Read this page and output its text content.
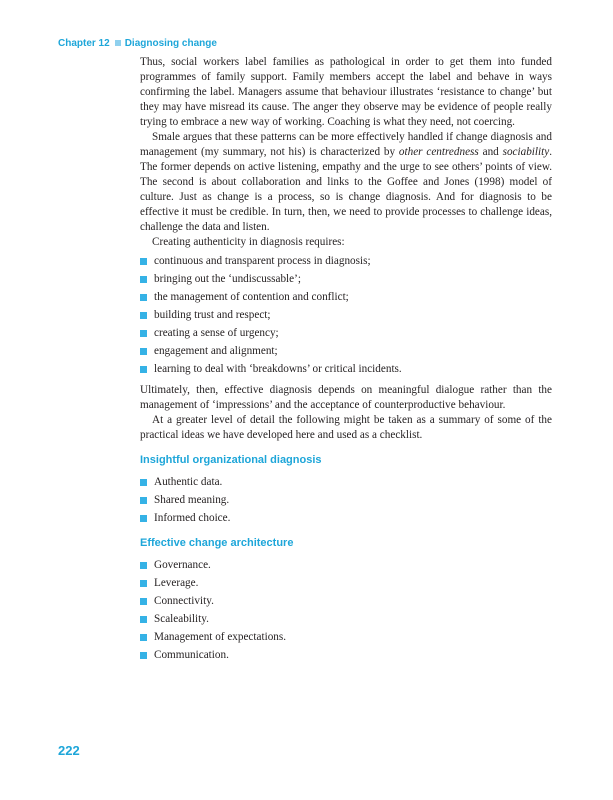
Chapter 12 Diagnosing change

Thus, social workers label families as pathological in order to get them into funded programmes of family support. Family members accept the label and behave in ways confirming the label. Managers assume that behaviour illustrates ‘resistance to change’ but they may have misread its cause. The anger they observe may be evidence of people really trying to embrace a new way of working. Coaching is what they need, not coercing.

Smale argues that these patterns can be more effectively handled if change diagnosis and management (my summary, not his) is characterized by other centredness and sociability. The former depends on active listening, empathy and the urge to see others’ points of view. The second is about collaboration and links to the Goffee and Jones (1998) model of culture. Just as change is a process, so is change diagnosis. And for diagnosis to be effective it must be credible. In turn, then, we need to provide processes to challenge ideas, challenge the data and listen.

Creating authenticity in diagnosis requires:

continuous and transparent process in diagnosis;
bringing out the ‘undiscussable’;
the management of contention and conflict;
building trust and respect;
creating a sense of urgency;
engagement and alignment;
learning to deal with ‘breakdowns’ or critical incidents.

Ultimately, then, effective diagnosis depends on meaningful dialogue rather than the management of ‘impressions’ and the acceptance of counterproductive behaviour.

At a greater level of detail the following might be taken as a summary of some of the practical ideas we have developed here and used as a checklist.

Insightful organizational diagnosis
Authentic data.
Shared meaning.
Informed choice.
Effective change architecture
Governance.
Leverage.
Connectivity.
Scaleability.
Management of expectations.
Communication.
222
